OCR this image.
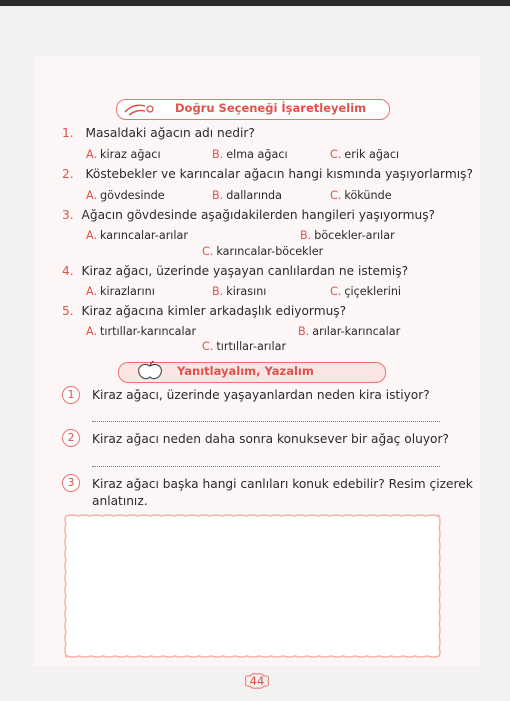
Doğru Seçeneği İşaretleyelim
1. Masaldaki ağacın adı nedir?
A. kiraz ağacı	B. elma ağacı	C. erik ağacı
2. Köstebekler ve karıncalar ağacın hangi kısmında yaşıyorlarmış?
A. gövdesinde	B. dallarında	C. kökünde
3. Ağacın gövdesinde aşağıdakilerden hangileri yaşıyormuş?
A. karıncalar-arılar	B. böcekler-arılar
C. karıncalar-böcekler
4. Kiraz ağacı, üzerinde yaşayan canlılardan ne istemiş?
A. kirazlarını	B. kirasını	C. çiçeklerini
5. Kiraz ağacına kimler arkadaşlık ediyormuş?
A. tırtıllar-karıncalar	B. arılar-karıncalar
C. tırtıllar-arılar
Yanıtlayalım, Yazalım
1	Kiraz ağacı, üzerinde yaşayanlardan neden kira istiyor?
2	Kiraz ağacı neden daha sonra konuksever bir ağaç oluyor?
3	Kiraz ağacı başka hangi canlıları konuk edebilir? Resim çizerek
anlatınız.
44
